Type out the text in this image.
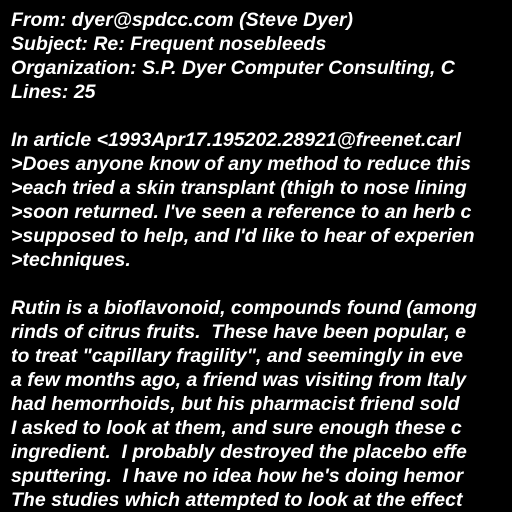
From: dyer@spdcc.com (Steve Dyer)
Subject: Re: Frequent nosebleeds
Organization: S.P. Dyer Computer Consulting, C
Lines: 25
In article <1993Apr17.195202.28921@freenet.carl
>Does anyone know of any method to reduce this
>each tried a skin transplant (thigh to nose lining
>soon returned. I've seen a reference to an herb c
>supposed to help, and I'd like to hear of experien
>techniques.
Rutin is a bioflavonoid, compounds found (among
rinds of citrus fruits.  These have been popular, e
to treat "capillary fragility", and seemingly in eve
a few months ago, a friend was visiting from Italy
had hemorrhoids, but his pharmacist friend sold
I asked to look at them, and sure enough these c
ingredient.  I probably destroyed the placebo effe
sputtering.  I have no idea how he's doing hemor
The studies which attempted to look at the effect
